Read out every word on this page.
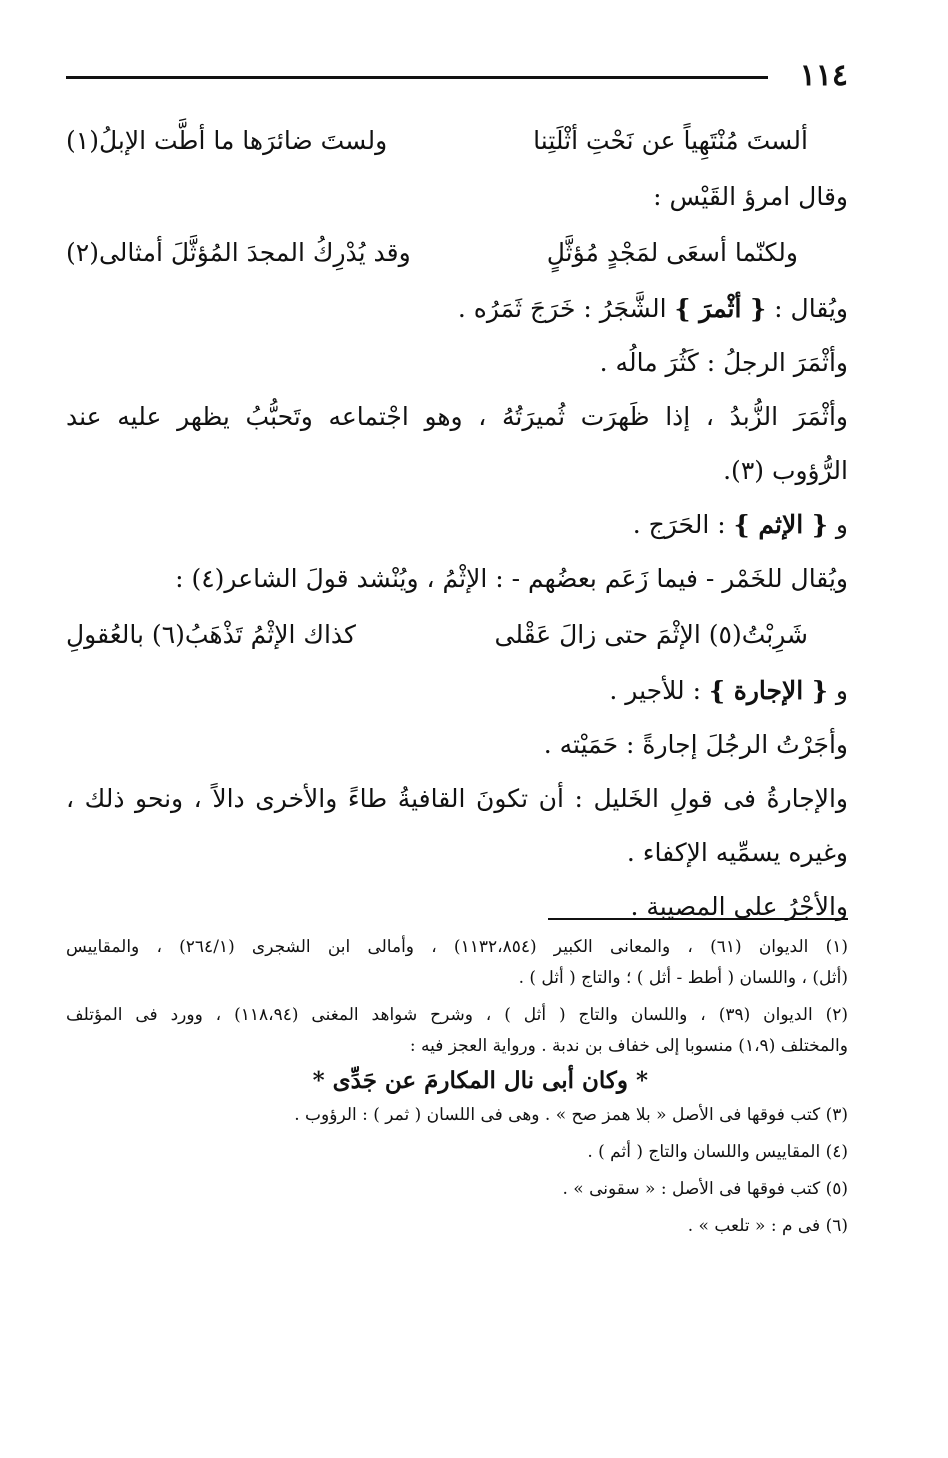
١١٤
ألستَ مُنْتَهِياً عن نَحْتِ أثْلَتِنا
ولستَ ضائرَها ما أطَّت الإبلُ(١)
وقال امرؤ القَيْس :
ولكنّما أسعَى لمَجْدٍ مُؤثَّلٍ
وقد يُدْرِكُ المجدَ المُؤثَّلَ أمثالى(٢)
ويُقال : { أثْمرَ } الشَّجَرُ : خَرَجَ ثَمَرُه .
وأثْمَرَ الرجلُ : كَثُرَ مالُه .
وأثْمَرَ الزُّبدُ ، إذا ظَهرَت ثُميرَتُهُ ، وهو اجْتماعه وتَحبُّبُ يظهر عليه عند
الرُّؤوب (٣).
و { الإثم } : الحَرَج .
ويُقال للخَمْر - فيما زَعَم بعضُهم - : الإثْمُ ، ويُنْشد قولَ الشاعر(٤) :
شَرِبْتُ(٥) الإثْمَ حتى زالَ عَقْلى
كذاك الإثْمُ تَذْهَبُ(٦) بالعُقولِ
و { الإجارة } : للأجير .
وأجَرْتُ الرجُلَ إجارةً : حَمَيْته .
والإجارةُ فى قولِ الخَليل : أن تكونَ القافيةُ طاءً والأخرى دالاً ، ونحو ذلك ،
وغيره يسمِّيه الإكفاء .
والأجْرُ على المصيبة .
(١) الديوان (٦١) ، والمعانى الكبير (١١٣٢،٨٥٤) ، وأمالى ابن الشجرى (٢٦٤/١) ، والمقاييس
(أثل) ، واللسان ( أطط - أثل ) ؛ والتاج ( أثل ) .
(٢) الديوان (٣٩) ، واللسان والتاج ( أثل ) ، وشرح شواهد المغنى (١١٨،٩٤) ، وورد فى المؤتلف
والمختلف (١،٩) منسوبا إلى خفاف بن ندبة . ورواية العجز فيه :
* وكان أبى نال المكارمَ عن جَدِّى *
(٣) كتب فوقها فى الأصل « بلا همز صح » . وهى فى اللسان ( ثمر ) : الرؤوب .
(٤) المقاييس واللسان والتاج ( أثم ) .
(٥) كتب فوقها فى الأصل : « سقونى » .
(٦) فى م : « تلعب » .
